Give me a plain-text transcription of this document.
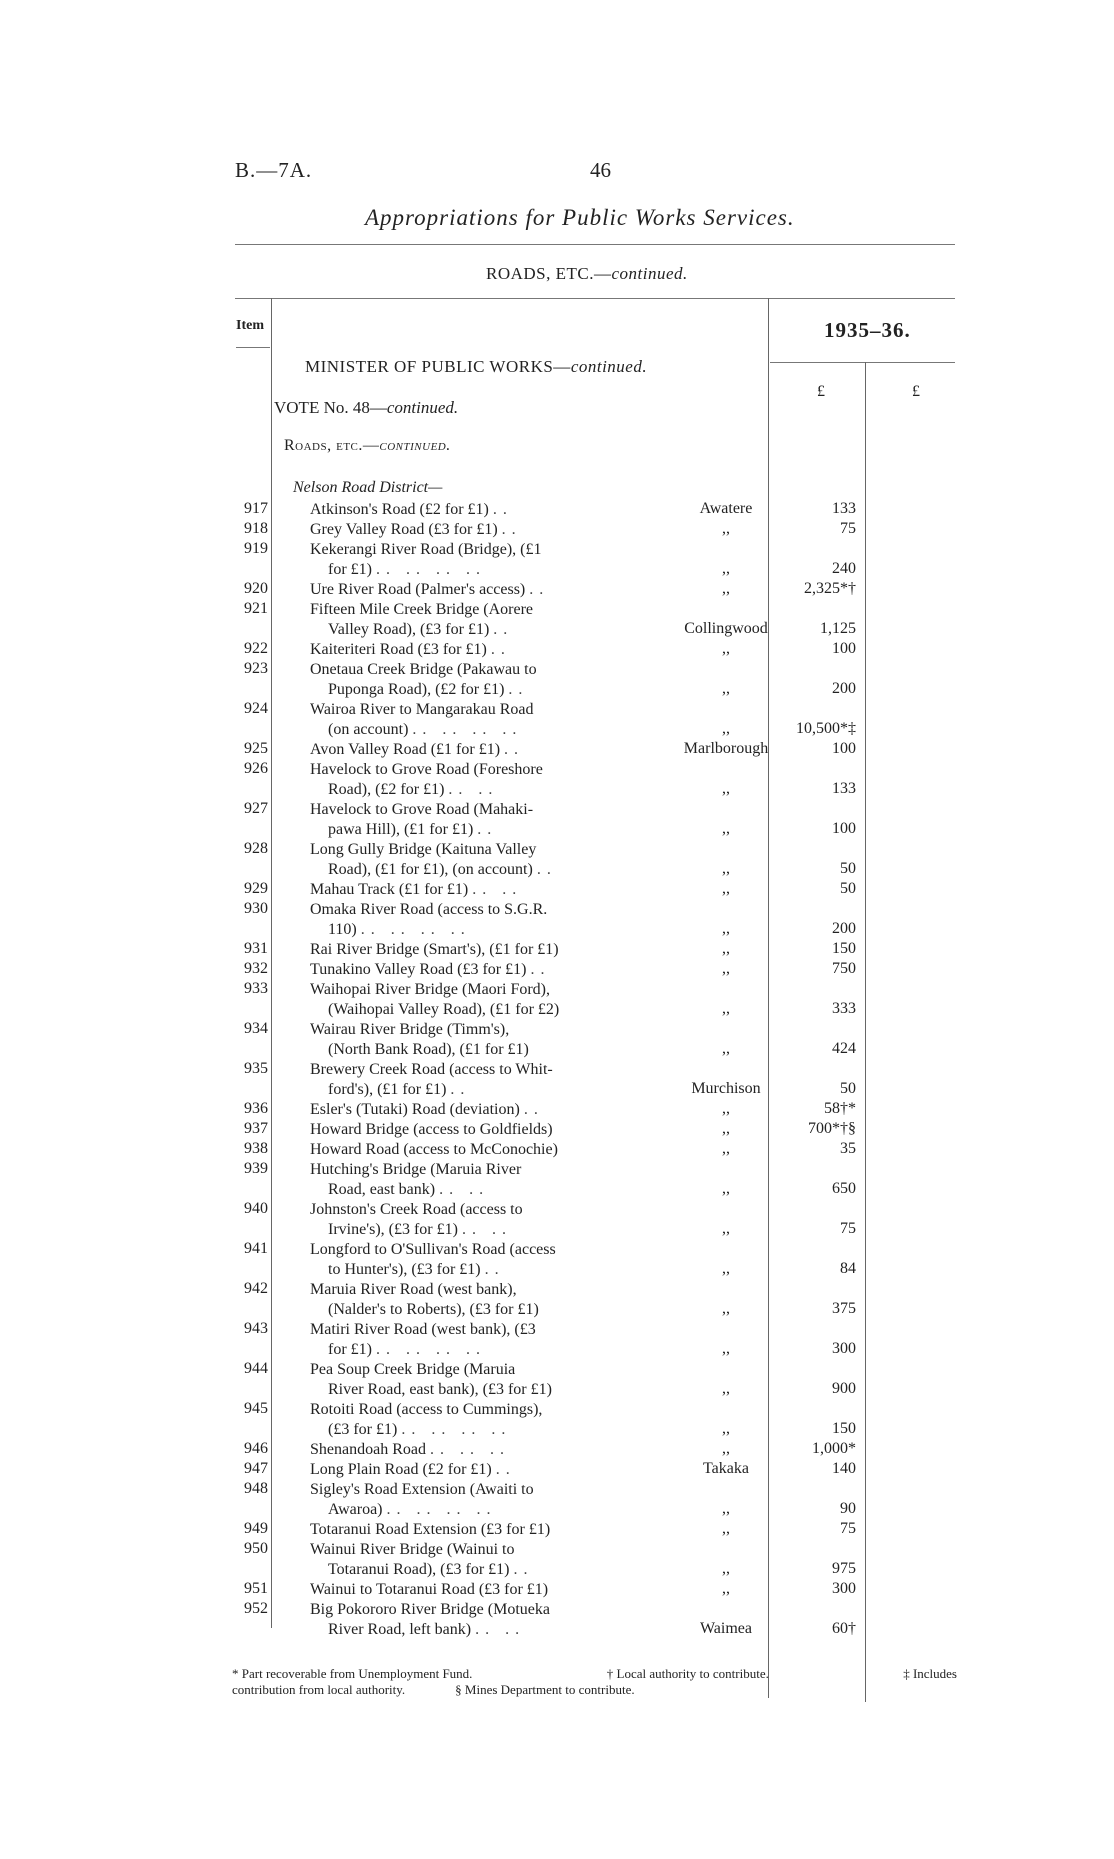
B.—7A.	46
Appropriations for Public Works Services.
ROADS, ETC.—continued.
Item	1935–36.
£	£
MINISTER OF PUBLIC WORKS—continued.
VOTE No. 48—continued.
Roads, etc.—continued.
Nelson Road District—
917	Atkinson's Road (£2 for £1) ..	Awatere	133
918	Grey Valley Road (£3 for £1) ..	,,	75
919	Kekerangi River Road (Bridge), (£1
for £1) .. .. .. ..	,,	240
920	Ure River Road (Palmer's access) ..	,,	2,325*†
921	Fifteen Mile Creek Bridge (Aorere
Valley Road), (£3 for £1) ..	Collingwood	1,125
922	Kaiteriteri Road (£3 for £1) ..	,,	100
923	Onetaua Creek Bridge (Pakawau to
Puponga Road), (£2 for £1) ..	,,	200
924	Wairoa River to Mangarakau Road
(on account) .. .. .. ..	,,	10,500*‡
925	Avon Valley Road (£1 for £1) ..	Marlborough	100
926	Havelock to Grove Road (Foreshore
Road), (£2 for £1) .. ..	,,	133
927	Havelock to Grove Road (Mahaki-
pawa Hill), (£1 for £1) ..	,,	100
928	Long Gully Bridge (Kaituna Valley
Road), (£1 for £1), (on account) ..	,,	50
929	Mahau Track (£1 for £1) .. ..	,,	50
930	Omaka River Road (access to S.G.R.
110) .. .. .. ..	,,	200
931	Rai River Bridge (Smart's), (£1 for £1)	,,	150
932	Tunakino Valley Road (£3 for £1) ..	,,	750
933	Waihopai River Bridge (Maori Ford),
(Waihopai Valley Road), (£1 for £2)	,,	333
934	Wairau River Bridge (Timm's),
(North Bank Road), (£1 for £1)	,,	424
935	Brewery Creek Road (access to Whit-
ford's), (£1 for £1) ..	Murchison	50
936	Esler's (Tutaki) Road (deviation) ..	,,	58†*
937	Howard Bridge (access to Goldfields)	,,	700*†§
938	Howard Road (access to McConochie)	,,	35
939	Hutching's Bridge (Maruia River
Road, east bank) .. ..	,,	650
940	Johnston's Creek Road (access to
Irvine's), (£3 for £1) .. ..	,,	75
941	Longford to O'Sullivan's Road (access
to Hunter's), (£3 for £1) ..	,,	84
942	Maruia River Road (west bank),
(Nalder's to Roberts), (£3 for £1)	,,	375
943	Matiri River Road (west bank), (£3
for £1) .. .. .. ..	,,	300
944	Pea Soup Creek Bridge (Maruia
River Road, east bank), (£3 for £1)	,,	900
945	Rotoiti Road (access to Cummings),
(£3 for £1) .. .. .. ..	,,	150
946	Shenandoah Road .. .. ..	,,	1,000*
947	Long Plain Road (£2 for £1) ..	Takaka	140
948	Sigley's Road Extension (Awaiti to
Awaroa) .. .. .. ..	,,	90
949	Totaranui Road Extension (£3 for £1)	,,	75
950	Wainui River Bridge (Wainui to
Totaranui Road), (£3 for £1) ..	,,	975
951	Wainui to Totaranui Road (£3 for £1)	,,	300
952	Big Pokororo River Bridge (Motueka
River Road, left bank) .. ..	Waimea	60†
* Part recoverable from Unemployment Fund.	† Local authority to contribute.	‡ Includes
contribution from local authority.	§ Mines Department to contribute.
